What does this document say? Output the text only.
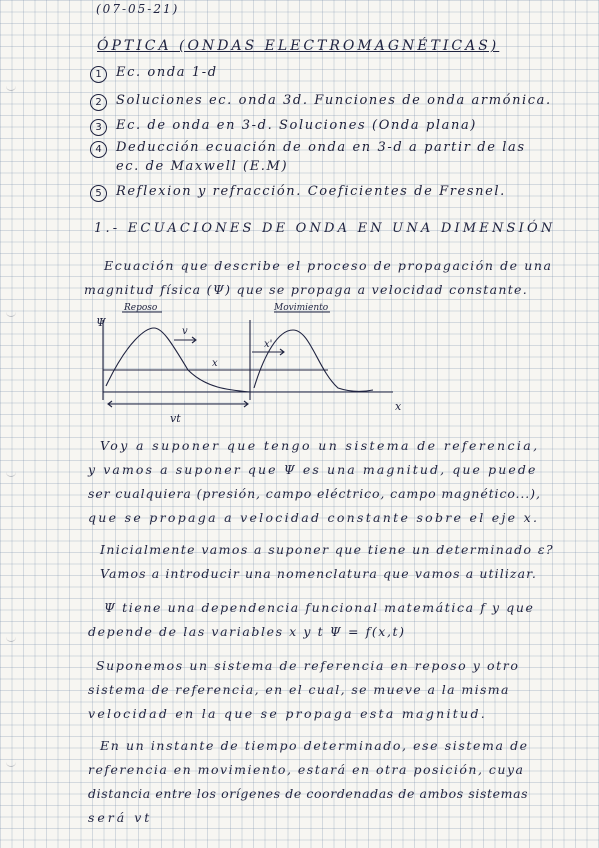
(07-05-21)
ÓPTICA (ONDAS ELECTROMAGNÉTICAS)
1	Ec. onda 1-d
2	Soluciones ec. onda 3d. Funciones de onda armónica.
3	Ec. de onda en 3-d. Soluciones (Onda plana)
4	Deducción ecuación de onda en 3-d a partir de las
ec. de Maxwell (E.M)
5	Reflexion y refracción. Coeficientes de Fresnel.
1.- ECUACIONES DE ONDA EN UNA DIMENSIÓN
Ecuación que describe el proceso de propagación de una
magnitud física (Ψ) que se propaga a velocidad constante.
Ψ
x
Reposo	Movimiento
v
x
x'
vt
Voy a suponer que tengo un sistema de referencia,
y vamos a suponer que Ψ es una magnitud, que puede
ser cualquiera (presión, campo eléctrico, campo magnético...),
que se propaga a velocidad constante sobre el eje x.
Inicialmente vamos a suponer que tiene un determinado ε?
Vamos a introducir una nomenclatura que vamos a utilizar.
Ψ tiene una dependencia funcional matemática f y que
depende de las variables x y t Ψ = f(x,t)
Suponemos un sistema de referencia en reposo y otro
sistema de referencia, en el cual, se mueve a la misma
velocidad en la que se propaga esta magnitud.
En un instante de tiempo determinado, ese sistema de
referencia en movimiento, estará en otra posición, cuya
distancia entre los orígenes de coordenadas de ambos sistemas
será vt
